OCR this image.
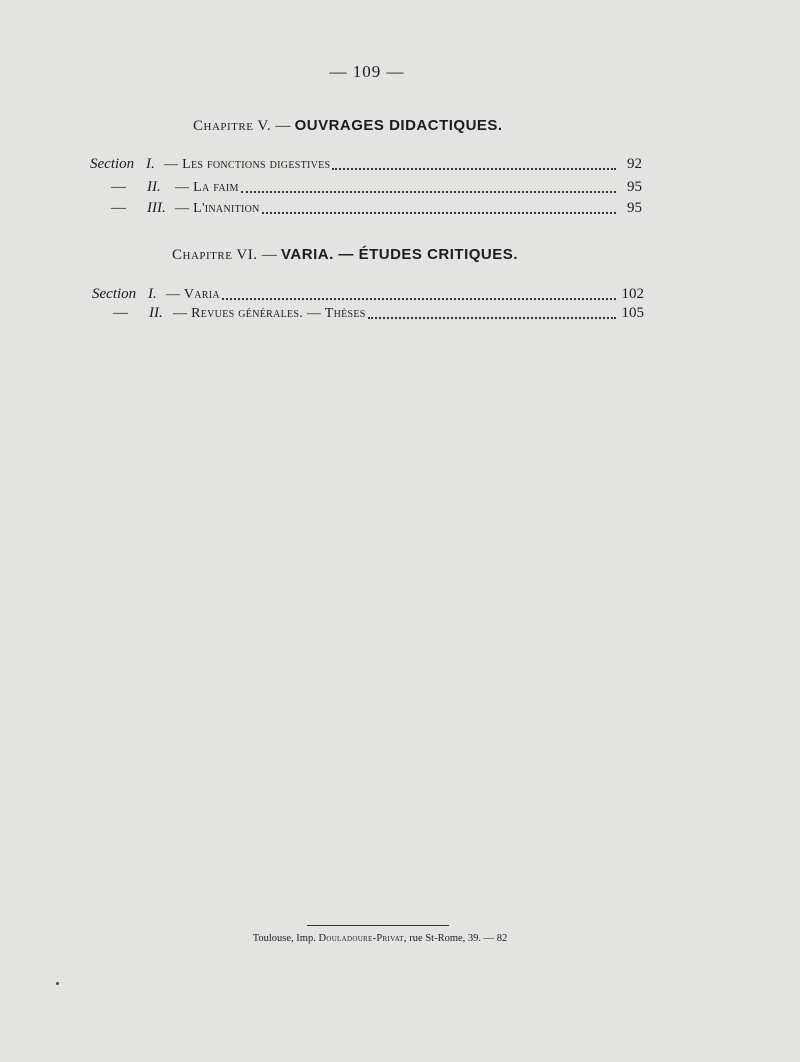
— 109 —
Chapitre V. — OUVRAGES DIDACTIQUES.
Section I. — Les fonctions digestives	92
—	II.	— La faim	95
—	III. — L'inanition	95
Chapitre VI. — VARIA. — ÉTUDES CRITIQUES.
Section I. — Varia	102
—	II. — Revues générales. — Thèses	105
Toulouse, Imp. Douladoure-Privat, rue St-Rome, 39. — 82
